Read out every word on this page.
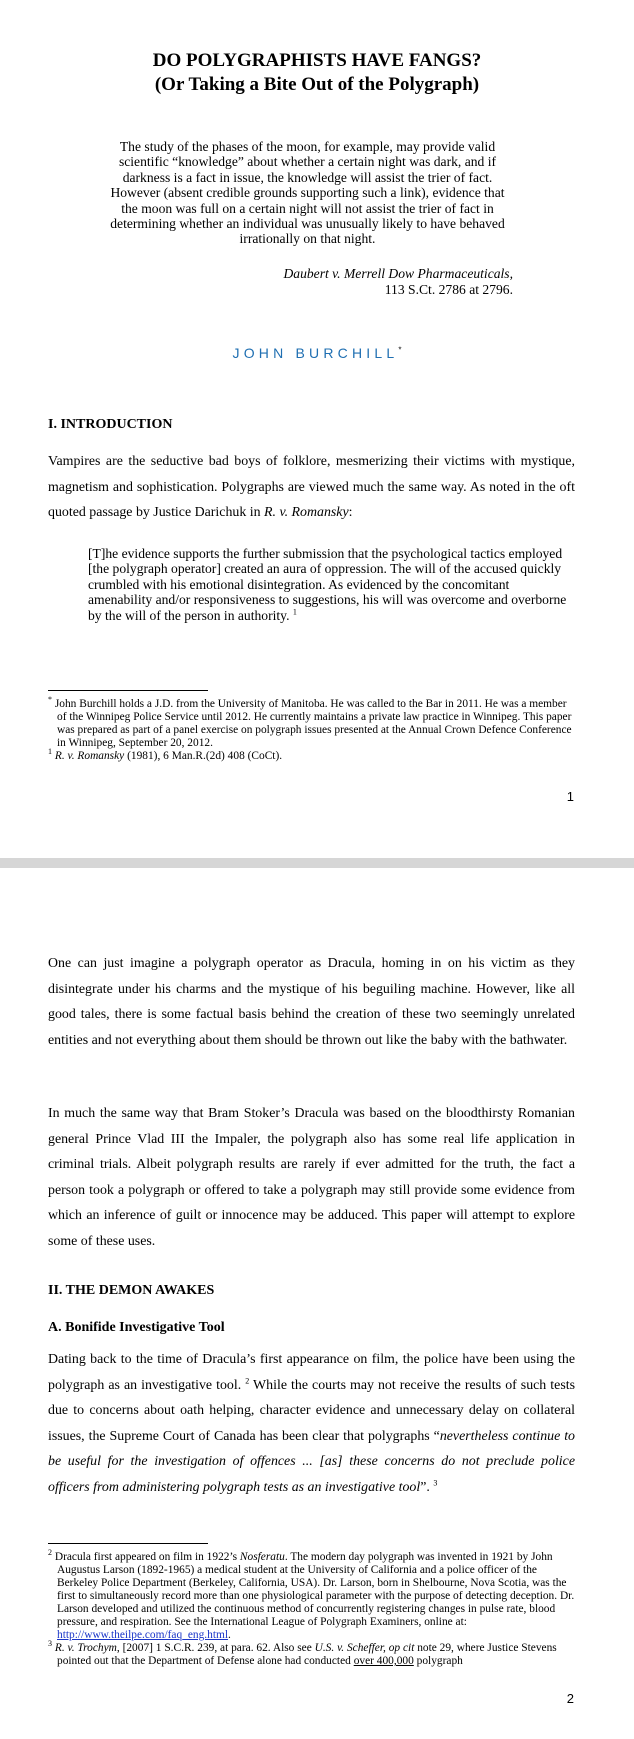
DO POLYGRAPHISTS HAVE FANGS?
(Or Taking a Bite Out of the Polygraph)
The study of the phases of the moon, for example, may provide valid scientific “knowledge” about whether a certain night was dark, and if darkness is a fact in issue, the knowledge will assist the trier of fact. However (absent credible grounds supporting such a link), evidence that the moon was full on a certain night will not assist the trier of fact in determining whether an individual was unusually likely to have behaved irrationally on that night.
Daubert v. Merrell Dow Pharmaceuticals,
113 S.Ct. 2786 at 2796.
JOHN BURCHILL*
I. INTRODUCTION
Vampires are the seductive bad boys of folklore, mesmerizing their victims with mystique, magnetism and sophistication. Polygraphs are viewed much the same way. As noted in the oft quoted passage by Justice Darichuk in R. v. Romansky:
[T]he evidence supports the further submission that the psychological tactics employed [the polygraph operator] created an aura of oppression. The will of the accused quickly crumbled with his emotional disintegration. As evidenced by the concomitant amenability and/or responsiveness to suggestions, his will was overcome and overborne by the will of the person in authority. $^1$

* John Burchill holds a J.D. from the University of Manitoba. He was called to the Bar in 2011. He was a member of the Winnipeg Police Service until 2012. He currently maintains a private law practice in Winnipeg. This paper was prepared as part of a panel exercise on polygraph issues presented at the Annual Crown Defence Conference in Winnipeg, September 20, 2012.

$^1$ R. v. Romansky (1981), 6 Man.R.(2d) 408 (CoCt).

1
One can just imagine a polygraph operator as Dracula, homing in on his victim as they disintegrate under his charms and the mystique of his beguiling machine. However, like all good tales, there is some factual basis behind the creation of these two seemingly unrelated entities and not everything about them should be thrown out like the baby with the bathwater.
In much the same way that Bram Stoker’s Dracula was based on the bloodthirsty Romanian general Prince Vlad III the Impaler, the polygraph also has some real life application in criminal trials. Albeit polygraph results are rarely if ever admitted for the truth, the fact a person took a polygraph or offered to take a polygraph may still provide some evidence from which an inference of guilt or innocence may be adduced. This paper will attempt to explore some of these uses.
II. THE DEMON AWAKES
A. Bonifide Investigative Tool
Dating back to the time of Dracula’s first appearance on film, the police have been using the polygraph as an investigative tool. $^2$ While the courts may not receive the results of such tests due to concerns about oath helping, character evidence and unnecessary delay on collateral issues, the Supreme Court of Canada has been clear that polygraphs “nevertheless continue to be useful for the investigation of offences ... [as] these concerns do not preclude police officers from administering polygraph tests as an investigative tool”. $^3$

$^2$ Dracula first appeared on film in 1922’s Nosferatu. The modern day polygraph was invented in 1921 by John Augustus Larson (1892-1965) a medical student at the University of California and a police officer of the Berkeley Police Department (Berkeley, California, USA). Dr. Larson, born in Shelbourne, Nova Scotia, was the first to simultaneously record more than one physiological parameter with the purpose of detecting deception. Dr. Larson developed and utilized the continuous method of concurrently registering changes in pulse rate, blood pressure, and respiration. See the International League of Polygraph Examiners, online at: http://www.theilpe.com/faq_eng.html.

$^3$ R. v. Trochym, [2007] 1 S.C.R. 239, at para. 62. Also see U.S. v. Scheffer, op cit note 29, where Justice Stevens pointed out that the Department of Defense alone had conducted over 400,000 polygraph

2
